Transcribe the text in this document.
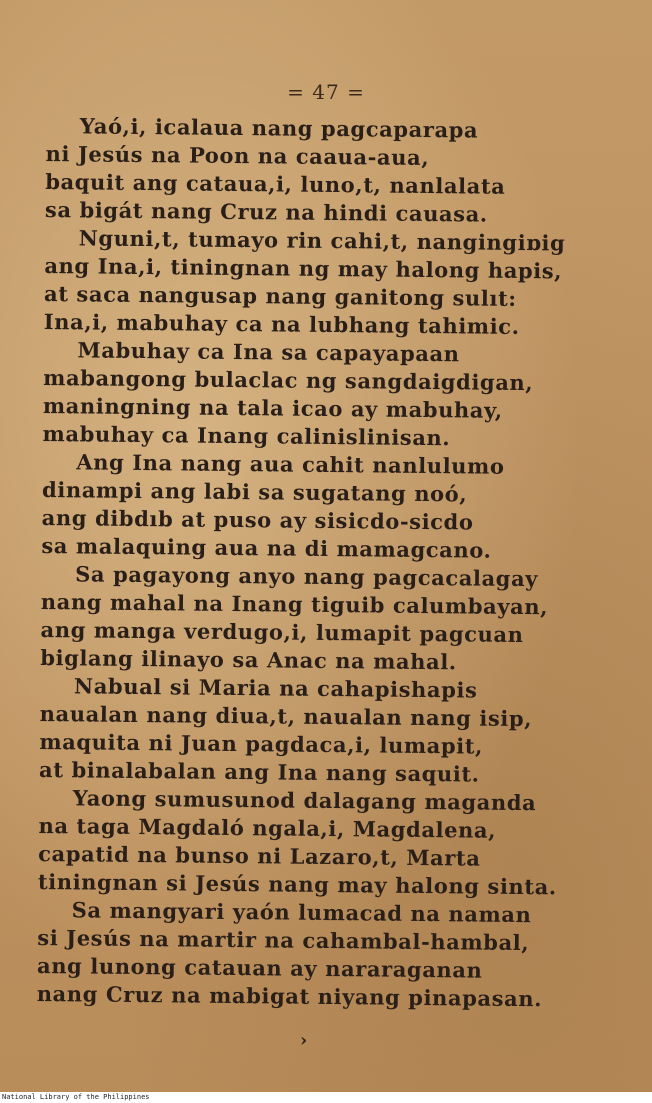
= 47 =
Yaó,i, icalaua nang pagcaparapa
ni Jesús na Poon na caaua-aua,
baquit ang cataua,i, luno,t, nanlalata
sa bigát nang Cruz na hindi cauasa.
Nguni,t, tumayo rin cahi,t, nangingiɒig
ang Ina,i, tiningnan ng may halong hapis,
at saca nangusap nang ganitong sulıt:
Ina,i, mabuhay ca na lubhang tahimic.
Mabuhay ca Ina sa capayapaan
mabangong bulaclac ng sangdaigdigan,
maningning na tala icao ay mabuhay,
mabuhay ca Inang calinislinisan.
Ang Ina nang aua cahit nanlulumo
dinampi ang labi sa sugatang noó,
ang dibdıb at puso ay sisicdo-sicdo
sa malaquing aua na di mamagcano.
Sa pagayong anyo nang pagcacalagay
nang mahal na Inang tiguib calumbayan,
ang manga verdugo,i, lumapit pagcuan
biglang ilinayo sa Anac na mahal.
Nabual si Maria na cahapishapis
naualan nang diua,t, naualan nang isip,
maquita ni Juan pagdaca,i, lumapit,
at binalabalan ang Ina nang saquit.
Yaong sumusunod dalagang maganda
na taga Magdaló ngala,i, Magdalena,
capatid na bunso ni Lazaro,t, Marta
tiningnan si Jesús nang may halong sinta.
Sa mangyari yaón lumacad na naman
si Jesús na martir na cahambal-hambal,
ang lunong catauan ay nararaganan
nang Cruz na mabigat niyang pinapasan.
›
National Library of the Philippines
